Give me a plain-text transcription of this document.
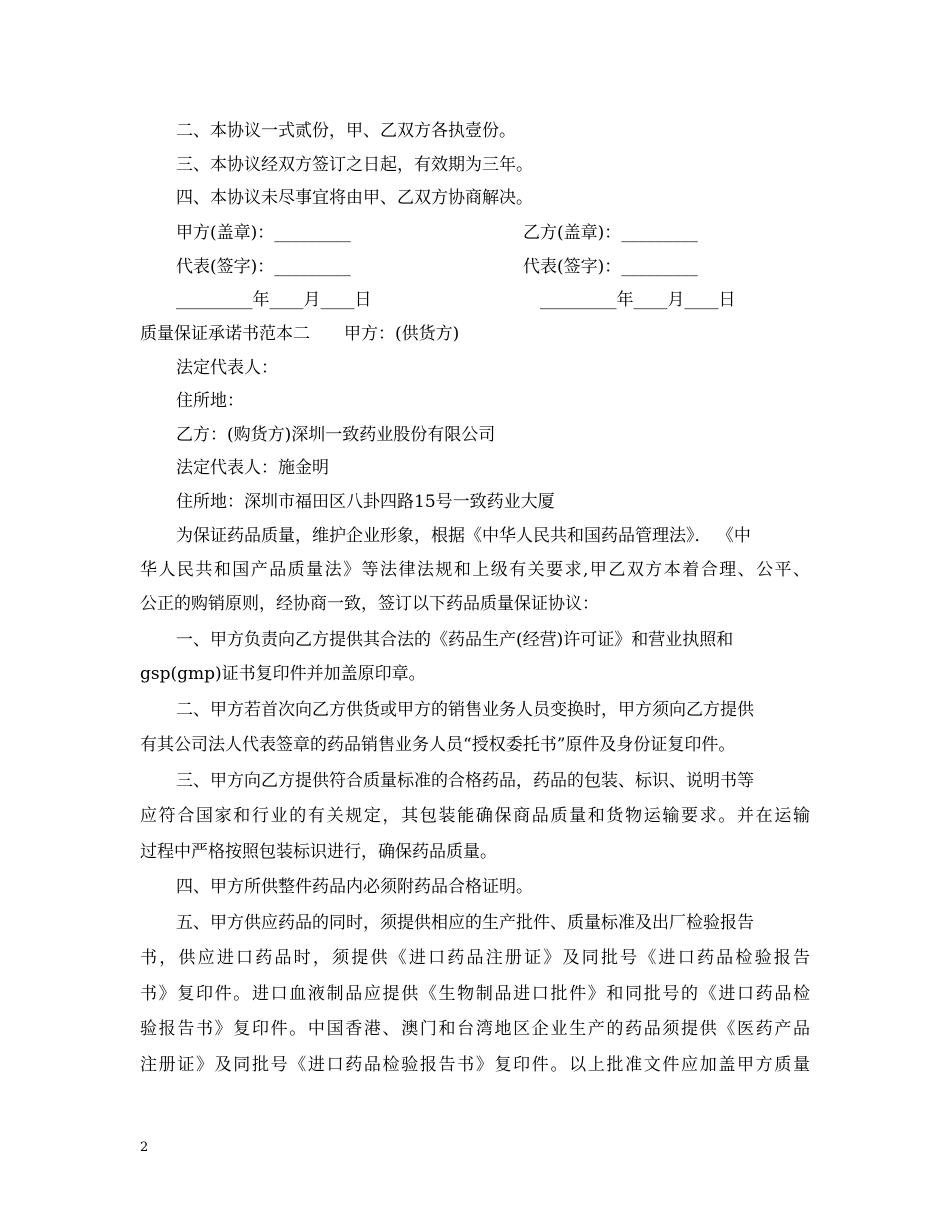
二、本协议一式贰份，甲、乙双方各执壹份。
三、本协议经双方签订之日起，有效期为三年。
四、本协议未尽事宜将由甲、乙双方协商解决。
甲方(盖章)：_________	乙方(盖章)：_________
代表(签字)：_________	代表(签字)：_________
_________年____月____日	_________年____月____日
质量保证承诺书范本二　　甲方：(供货方)
法定代表人：
住所地：
乙方：(购货方)深圳一致药业股份有限公司
法定代表人：施金明
住所地：深圳市福田区八卦四路15号一致药业大厦
为保证药品质量，维护企业形象，根据《中华人民共和国药品管理法》． 《中
华人民共和国产品质量法》等法律法规和上级有关要求,甲乙双方本着合理、公平、
公正的购销原则，经协商一致，签订以下药品质量保证协议：
一、甲方负责向乙方提供其合法的《药品生产(经营)许可证》和营业执照和
gsp(gmp)证书复印件并加盖原印章。
二、甲方若首次向乙方供货或甲方的销售业务人员变换时，甲方须向乙方提供
有其公司法人代表签章的药品销售业务人员“授权委托书”原件及身份证复印件。
三、甲方向乙方提供符合质量标准的合格药品，药品的包装、标识、说明书等
应符合国家和行业的有关规定，其包装能确保商品质量和货物运输要求。并在运输
过程中严格按照包装标识进行，确保药品质量。
四、甲方所供整件药品内必须附药品合格证明。
五、甲方供应药品的同时，须提供相应的生产批件、质量标准及出厂检验报告
书，供应进口药品时，须提供《进口药品注册证》及同批号《进口药品检验报告
书》复印件。进口血液制品应提供《生物制品进口批件》和同批号的《进口药品检
验报告书》复印件。中国香港、澳门和台湾地区企业生产的药品须提供《医药产品
注册证》及同批号《进口药品检验报告书》复印件。以上批准文件应加盖甲方质量
2
